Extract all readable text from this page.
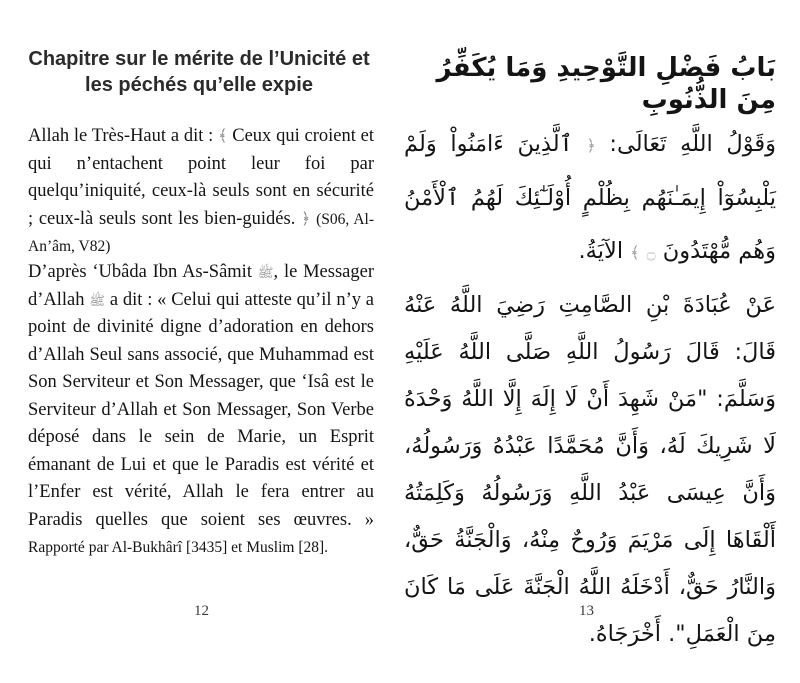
Chapitre sur le mérite de l’Unicité et les péchés qu’elle expie

Allah le Très-Haut a dit : ﴾ Ceux qui croient et qui n’entachent point leur foi par quelqu’iniquité, ceux-là seuls sont en sécurité ; ceux-là seuls sont les bien-guidés. ﴿ (S06, Al-An’âm, V82)

D’après ‘Ubâda Ibn As-Sâmit ﷺ, le Messager d’Allah ﷺ a dit : « Celui qui atteste qu’il n’y a point de divinité digne d’adoration en dehors d’Allah Seul sans associé, que Muhammad est Son Serviteur et Son Messager, que ‘Isâ est le Serviteur d’Allah et Son Messager, Son Verbe déposé dans le sein de Marie, un Esprit émanant de Lui et que le Paradis est vérité et l’Enfer est vérité, Allah le fera entrer au Paradis quelles que soient ses œuvres. » Rapporté par Al-Bukhârî [3435] et Muslim [28].

12
بَابُ فَضْلِ التَّوْحِيدِ وَمَا يُكَفِّرُ مِنَ الذُّنُوبِ

وَقَوْلُ اللَّهِ تَعَالَى: ﴿ ٱلَّذِينَ ءَامَنُواْ وَلَمْ يَلْبِسُوٓاْ إِيمَـٰنَهُم بِظُلْمٍ أُوْلَـٰٓئِكَ لَهُمُ ٱلْأَمْنُ وَهُم مُّهْتَدُونَ ۝ ﴾ الآيَةُ.

عَنْ عُبَادَةَ بْنِ الصَّامِتِ رَضِيَ اللَّهُ عَنْهُ قَالَ: قَالَ رَسُولُ اللَّهِ صَلَّى اللَّهُ عَلَيْهِ وَسَلَّمَ: "مَنْ شَهِدَ أَنْ لَا إِلَهَ إِلَّا اللَّهُ وَحْدَهُ لَا شَرِيكَ لَهُ، وَأَنَّ مُحَمَّدًا عَبْدُهُ وَرَسُولُهُ، وَأَنَّ عِيسَى عَبْدُ اللَّهِ وَرَسُولُهُ وَكَلِمَتُهُ أَلْقَاهَا إِلَى مَرْيَمَ وَرُوحٌ مِنْهُ، وَالْجَنَّةُ حَقٌّ، وَالنَّارُ حَقٌّ، أَدْخَلَهُ اللَّهُ الْجَنَّةَ عَلَى مَا كَانَ مِنَ الْعَمَلِ". أَخْرَجَاهُ.

13
